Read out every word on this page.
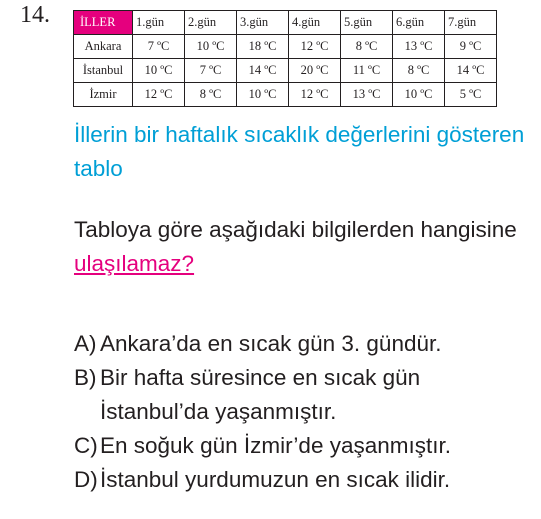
14. İLLER	1.gün	2.gün	3.gün	4.gün	5.gün	6.gün	7.gün
Ankara	7 ºC	10 ºC	18 ºC	12 ºC	8 ºC	13 ºC	9 ºC
İstanbul	10 ºC	7 ºC	14 ºC	20 ºC	11 ºC	8 ºC	14 ºC
İzmir	12 ºC	8 ºC	10 ºC	12 ºC	13 ºC	10 ºC	5 ºC
İllerin bir haftalık sıcaklık değerlerini gösteren tablo
Tabloya göre aşağıdaki bilgilerden hangisine ulaşılamaz?
A) Ankara’da en sıcak gün 3. gündür.
B) Bir hafta süresince en sıcak gün İstanbul’da yaşanmıştır.
C) En soğuk gün İzmir’de yaşanmıştır.
D) İstanbul yurdumuzun en sıcak ilidir.
